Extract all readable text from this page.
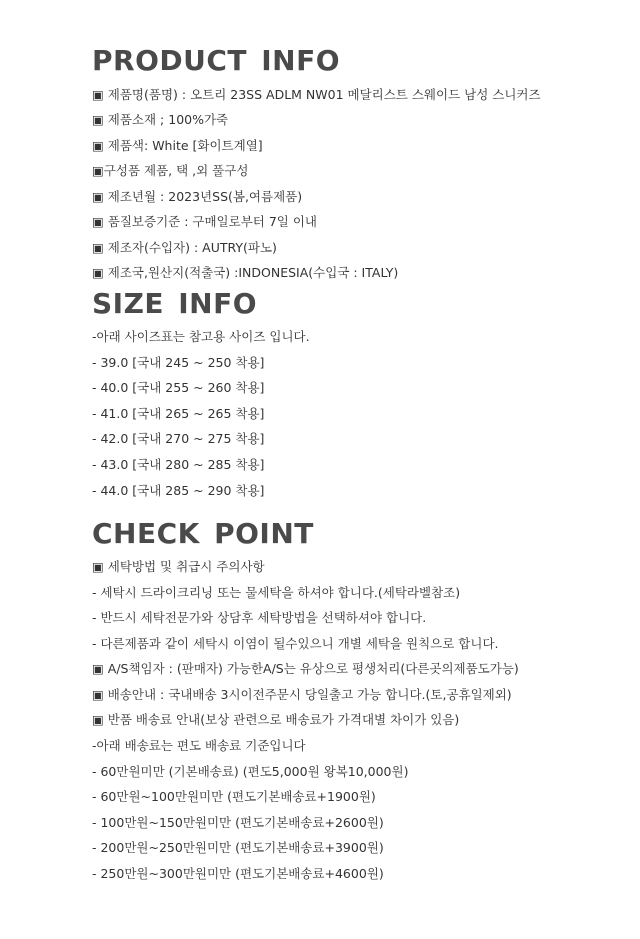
PRODUCT INFO

▣ 제품명(품명) : 오트리 23SS ADLM NW01 메달리스트 스웨이드 남성 스니커즈

▣ 제품소재 ; 100%가죽

▣ 제품색: White [화이트계열]

▣구성품 제품, 택 ,외 풀구성

▣ 제조년월 : 2023년SS(봄,여름제품)

▣ 품질보증기준 : 구매일로부터 7일 이내

▣ 제조자(수입자) : AUTRY(파노)

▣ 제조국,원산지(적출국) :INDONESIA(수입국 : ITALY)

SIZE INFO

-아래 사이즈표는 참고용 사이즈 입니다.

- 39.0 [국내 245 ~ 250 착용]

- 40.0 [국내 255 ~ 260 착용]

- 41.0 [국내 265 ~ 265 착용]

- 42.0 [국내 270 ~ 275 착용]

- 43.0 [국내 280 ~ 285 착용]

- 44.0 [국내 285 ~ 290 착용]

CHECK POINT

▣ 세탁방법 및 취급시 주의사항

- 세탁시 드라이크리닝 또는 물세탁을 하셔야 합니다.(세탁라벨참조)

- 반드시 세탁전문가와 상담후 세탁방법을 선택하셔야 합니다.

- 다른제품과 같이 세탁시 이염이 될수있으니 개별 세탁을 원칙으로 합니다.

▣ A/S책임자 : (판매자) 가능한A/S는 유상으로 평생처리(다른곳의제품도가능)

▣ 배송안내 : 국내배송 3시이전주문시 당일출고 가능 합니다.(토,공휴일제외)

▣ 반품 배송료 안내(보상 관련으로 배송료가 가격대별 차이가 있음)

-아래 배송료는 편도 배송료 기준입니다

- 60만원미만 (기본배송료) (편도5,000원 왕복10,000원)

- 60만원~100만원미만 (편도기본배송료+1900원)

- 100만원~150만원미만 (편도기본배송료+2600원)

- 200만원~250만원미만 (편도기본배송료+3900원)

- 250만원~300만원미만 (편도기본배송료+4600원)
